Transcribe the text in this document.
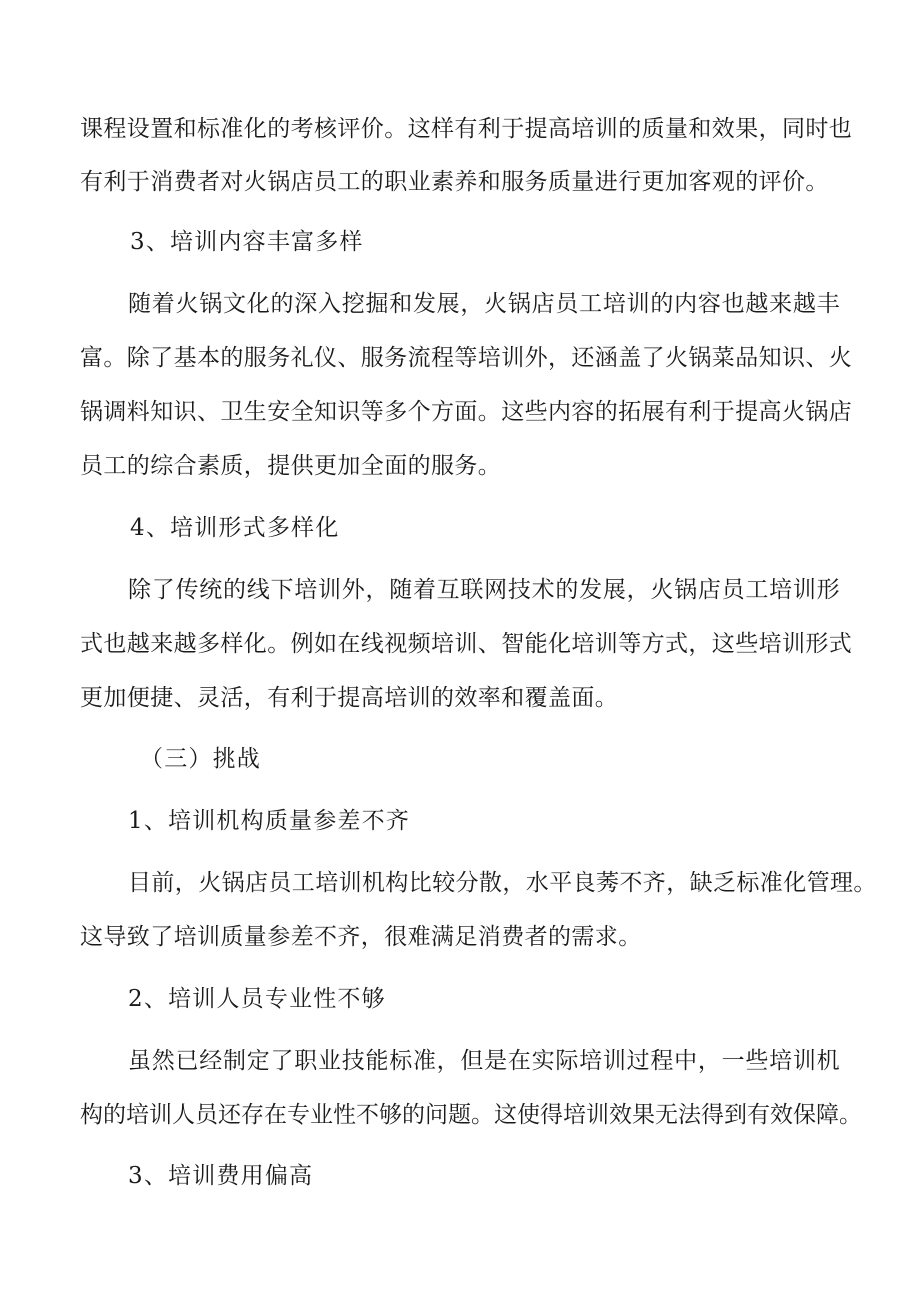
课程设置和标准化的考核评价。这样有利于提高培训的质量和效果，同时也
有利于消费者对火锅店员工的职业素养和服务质量进行更加客观的评价。
3、培训内容丰富多样
随着火锅文化的深入挖掘和发展，火锅店员工培训的内容也越来越丰
富。除了基本的服务礼仪、服务流程等培训外，还涵盖了火锅菜品知识、火
锅调料知识、卫生安全知识等多个方面。这些内容的拓展有利于提高火锅店
员工的综合素质，提供更加全面的服务。
4、培训形式多样化
除了传统的线下培训外，随着互联网技术的发展，火锅店员工培训形
式也越来越多样化。例如在线视频培训、智能化培训等方式，这些培训形式
更加便捷、灵活，有利于提高培训的效率和覆盖面。
（三）挑战
1、培训机构质量参差不齐
目前，火锅店员工培训机构比较分散，水平良莠不齐，缺乏标准化管理。
这导致了培训质量参差不齐，很难满足消费者的需求。
2、培训人员专业性不够
虽然已经制定了职业技能标准，但是在实际培训过程中，一些培训机
构的培训人员还存在专业性不够的问题。这使得培训效果无法得到有效保障。
3、培训费用偏高
